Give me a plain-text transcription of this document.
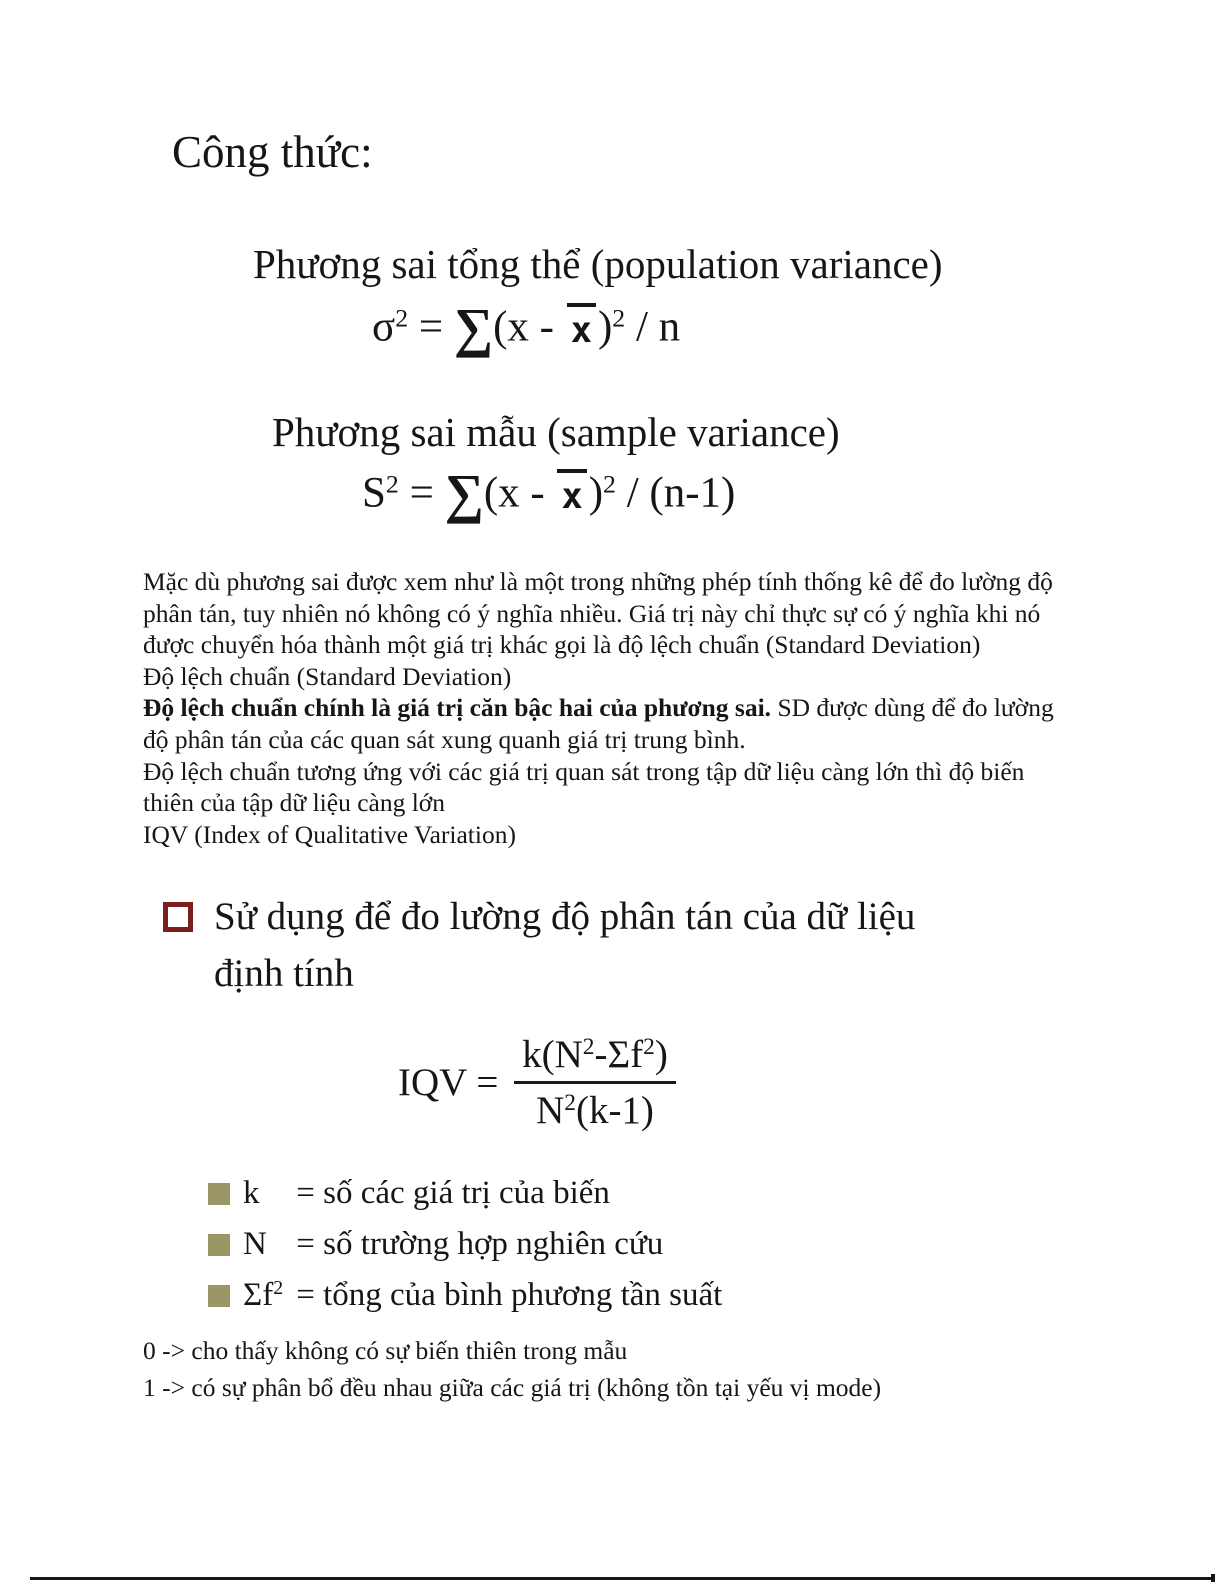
Công thức:
Phương sai tổng thể (population variance)
$\sigma^2 = \sum(x - x$ )$^2$ / n
Phương sai mẫu (sample variance)
$S^2 = \sum(x - x$ )$^2$ / (n-1)
Mặc dù phương sai được xem như là một trong những phép tính thống kê để đo lường độ
phân tán, tuy nhiên nó không có ý nghĩa nhiều. Giá trị này chỉ thực sự có ý nghĩa khi nó
được chuyển hóa thành một giá trị khác gọi là độ lệch chuẩn (Standard Deviation)
Độ lệch chuẩn (Standard Deviation)
Độ lệch chuẩn chính là giá trị căn bậc hai của phương sai. SD được dùng để đo lường
độ phân tán của các quan sát xung quanh giá trị trung bình.
Độ lệch chuẩn tương ứng với các giá trị quan sát trong tập dữ liệu càng lớn thì độ biến
thiên của tập dữ liệu càng lớn
IQV (Index of Qualitative Variation)
Sử dụng để đo lường độ phân tán của dữ liệu
định tính
IQV = $\frac{k(N^2-\Sigma f^2)}{N^2(k-1)}$
k = số các giá trị của biến
N = số trường hợp nghiên cứu
$\Sigma f^2$ = tổng của bình phương tần suất
0 -> cho thấy không có sự biến thiên trong mẫu
1 -> có sự phân bổ đều nhau giữa các giá trị (không tồn tại yếu vị mode)
